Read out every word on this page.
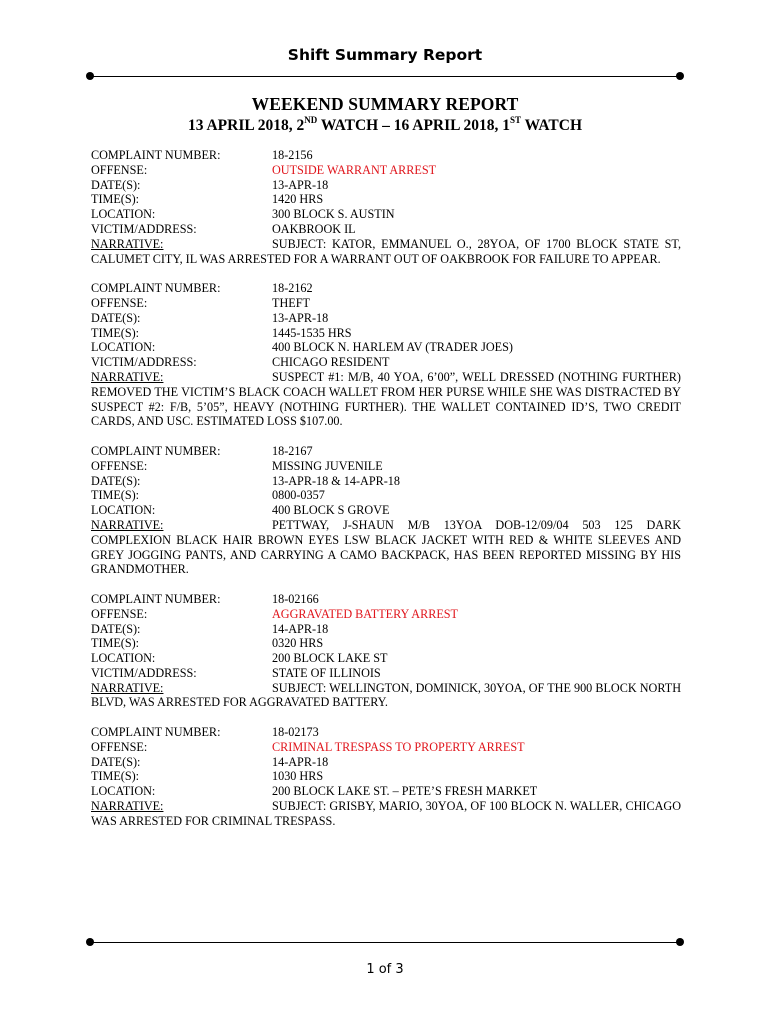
Shift Summary Report
WEEKEND SUMMARY REPORT
13 APRIL 2018, 2ND WATCH – 16 APRIL 2018, 1ST WATCH
COMPLAINT NUMBER:	18-2156
OFFENSE:	OUTSIDE WARRANT ARREST
DATE(S):	13-APR-18
TIME(S):	1420 HRS
LOCATION:	300 BLOCK S. AUSTIN
VICTIM/ADDRESS:	OAKBROOK IL
NARRATIVE:	SUBJECT: KATOR, EMMANUEL O., 28YOA, OF 1700 BLOCK STATE ST, CALUMET CITY, IL WAS ARRESTED FOR A WARRANT OUT OF OAKBROOK FOR FAILURE TO APPEAR.
COMPLAINT NUMBER:	18-2162
OFFENSE:	THEFT
DATE(S):	13-APR-18
TIME(S):	1445-1535 HRS
LOCATION:	400 BLOCK N. HARLEM AV (TRADER JOES)
VICTIM/ADDRESS:	CHICAGO RESIDENT
NARRATIVE:	SUSPECT #1: M/B, 40 YOA, 6’00”, WELL DRESSED (NOTHING FURTHER) REMOVED THE VICTIM’S BLACK COACH WALLET FROM HER PURSE WHILE SHE WAS DISTRACTED BY SUSPECT #2: F/B, 5’05”, HEAVY (NOTHING FURTHER). THE WALLET CONTAINED ID’S, TWO CREDIT CARDS, AND USC. ESTIMATED LOSS $107.00.
COMPLAINT NUMBER:	18-2167
OFFENSE:	MISSING JUVENILE
DATE(S):	13-APR-18 & 14-APR-18
TIME(S):	0800-0357
LOCATION:	400 BLOCK S GROVE
NARRATIVE:	PETTWAY, J-SHAUN M/B 13YOA DOB-12/09/04 503 125 DARK COMPLEXION BLACK HAIR BROWN EYES LSW BLACK JACKET WITH RED & WHITE SLEEVES AND GREY JOGGING PANTS, AND CARRYING A CAMO BACKPACK, HAS BEEN REPORTED MISSING BY HIS GRANDMOTHER.
COMPLAINT NUMBER:	18-02166
OFFENSE:	AGGRAVATED BATTERY ARREST
DATE(S):	14-APR-18
TIME(S):	0320 HRS
LOCATION:	200 BLOCK LAKE ST
VICTIM/ADDRESS:	STATE OF ILLINOIS
NARRATIVE:	SUBJECT: WELLINGTON, DOMINICK, 30YOA, OF THE 900 BLOCK NORTH BLVD, WAS ARRESTED FOR AGGRAVATED BATTERY.
COMPLAINT NUMBER:	18-02173
OFFENSE:	CRIMINAL TRESPASS TO PROPERTY ARREST
DATE(S):	14-APR-18
TIME(S):	1030 HRS
LOCATION:	200 BLOCK LAKE ST. – PETE’S FRESH MARKET
NARRATIVE:	SUBJECT: GRISBY, MARIO, 30YOA, OF 100 BLOCK N. WALLER, CHICAGO WAS ARRESTED FOR CRIMINAL TRESPASS.
1 of 3
